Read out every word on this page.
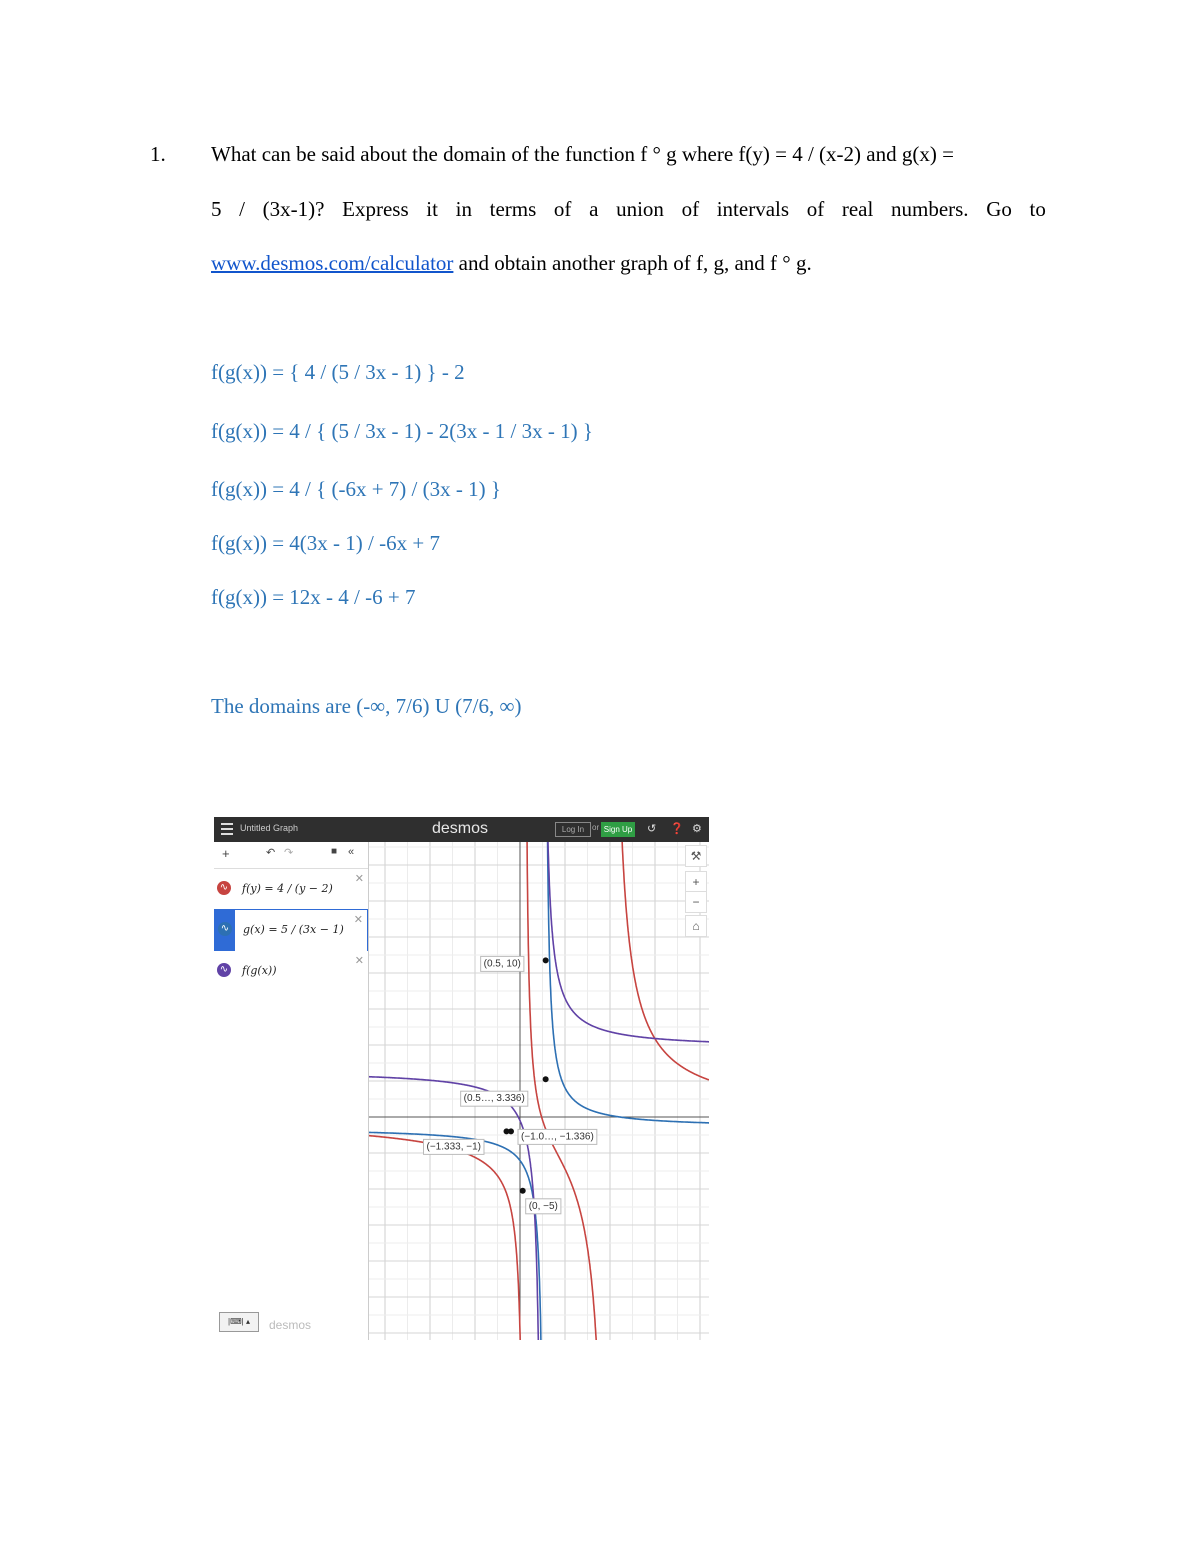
1. What can be said about the domain of the function f ° g where f(y) = 4 / (x-2) and g(x) =
5 / (3x-1)? Express it in terms of a union of intervals of real numbers. Go to
www.desmos.com/calculator and obtain another graph of f, g, and f ° g.
f(g(x)) = { 4 / (5 / 3x - 1) } - 2
f(g(x)) = 4 / { (5 / 3x - 1) - 2(3x - 1 / 3x - 1) }
f(g(x)) = 4 / { (-6x + 7) / (3x - 1) }
f(g(x)) = 4(3x - 1) / -6x + 7
f(g(x)) = 12x - 4 / -6 + 7
The domains are (-∞, 7/6) U (7/6, ∞)
Untitled Graph	desmos	Log In or Sign Up ↺ ❓ ⚙
+	↶ ↷	■ «
∿ f(y) = 4 / (y − 2)
✕
∿ g(x) = 5 / (3x − 1)
✕
∿ f(g(x))
✕
|⌨| ▴	desmos
(0.5, 10)
(0.5…, 3.336)
(−1.0…, −1.336)
(−1.333, −1)
(0, −5)
⚒
+
−
⌂
